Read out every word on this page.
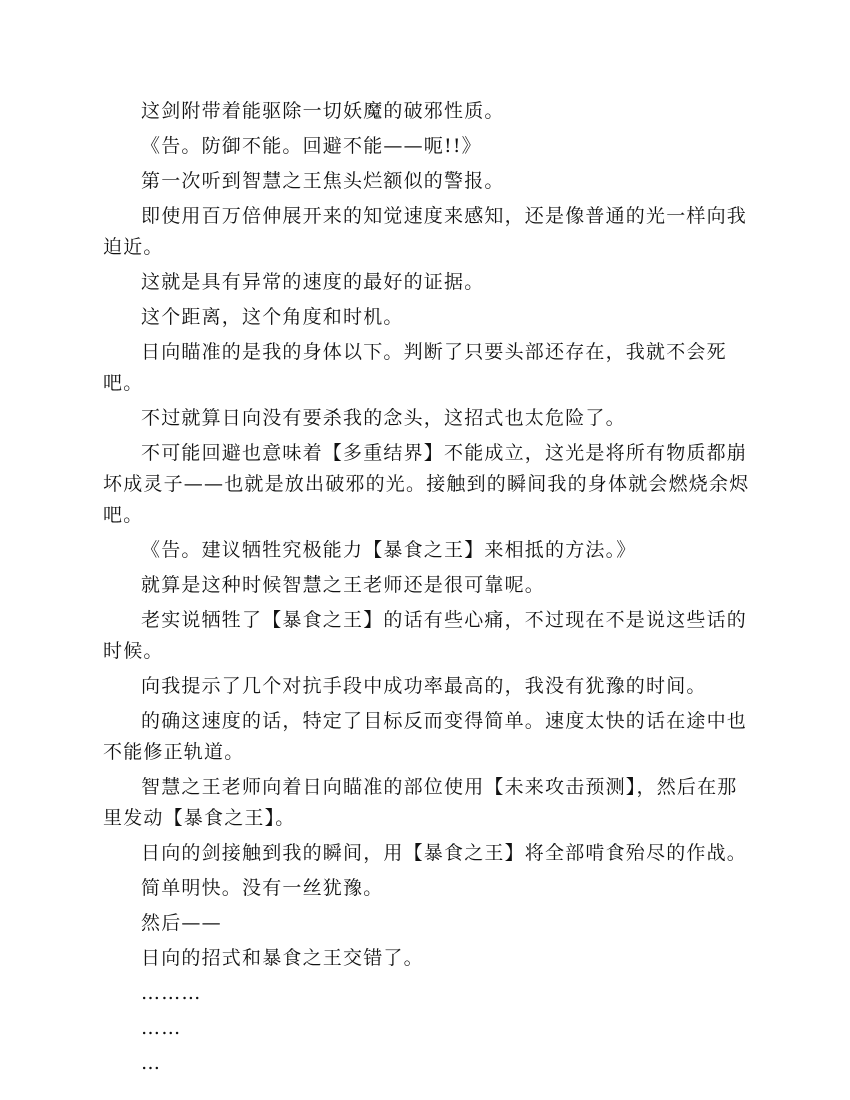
这剑附带着能驱除一切妖魔的破邪性质。

《告。防御不能。回避不能——呃!!》

第一次听到智慧之王焦头烂额似的警报。

即使用百万倍伸展开来的知觉速度来感知，还是像普通的光一样向我迫近。

这就是具有异常的速度的最好的证据。

这个距离，这个角度和时机。

日向瞄准的是我的身体以下。判断了只要头部还存在，我就不会死吧。

不过就算日向没有要杀我的念头，这招式也太危险了。

不可能回避也意味着【多重结界】不能成立，这光是将所有物质都崩坏成灵子——也就是放出破邪的光。接触到的瞬间我的身体就会燃烧余烬吧。

《告。建议牺牲究极能力【暴食之王】来相抵的方法。》

就算是这种时候智慧之王老师还是很可靠呢。

老实说牺牲了【暴食之王】的话有些心痛，不过现在不是说这些话的时候。

向我提示了几个对抗手段中成功率最高的，我没有犹豫的时间。

的确这速度的话，特定了目标反而变得简单。速度太快的话在途中也不能修正轨道。

智慧之王老师向着日向瞄准的部位使用【未来攻击预测】，然后在那里发动【暴食之王】。

日向的剑接触到我的瞬间，用【暴食之王】将全部啃食殆尽的作战。

简单明快。没有一丝犹豫。

然后——

日向的招式和暴食之王交错了。

………

……

…
